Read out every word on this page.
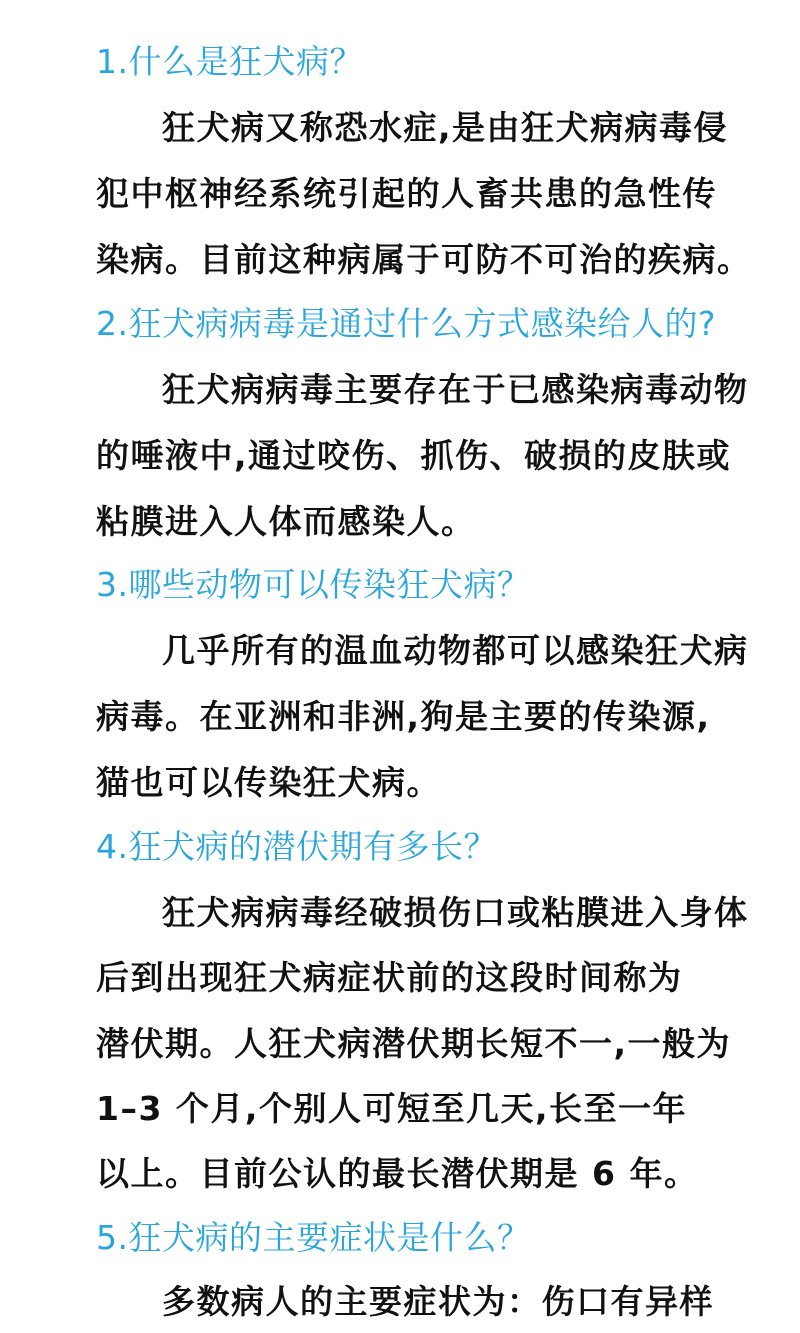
1.什么是狂犬病？
狂犬病又称恐水症,是由狂犬病病毒侵
犯中枢神经系统引起的人畜共患的急性传
染病。目前这种病属于可防不可治的疾病。
2.狂犬病病毒是通过什么方式感染给人的?
狂犬病病毒主要存在于已感染病毒动物
的唾液中,通过咬伤、抓伤、破损的皮肤或
粘膜进入人体而感染人。
3.哪些动物可以传染狂犬病？
几乎所有的温血动物都可以感染狂犬病
病毒。在亚洲和非洲,狗是主要的传染源,
猫也可以传染狂犬病。
4.狂犬病的潜伏期有多长？
狂犬病病毒经破损伤口或粘膜进入身体
后到出现狂犬病症状前的这段时间称为
潜伏期。人狂犬病潜伏期长短不一,一般为
1–3 个月,个别人可短至几天,长至一年
以上。目前公认的最长潜伏期是 6 年。
5.狂犬病的主要症状是什么？
多数病人的主要症状为：伤口有异样
